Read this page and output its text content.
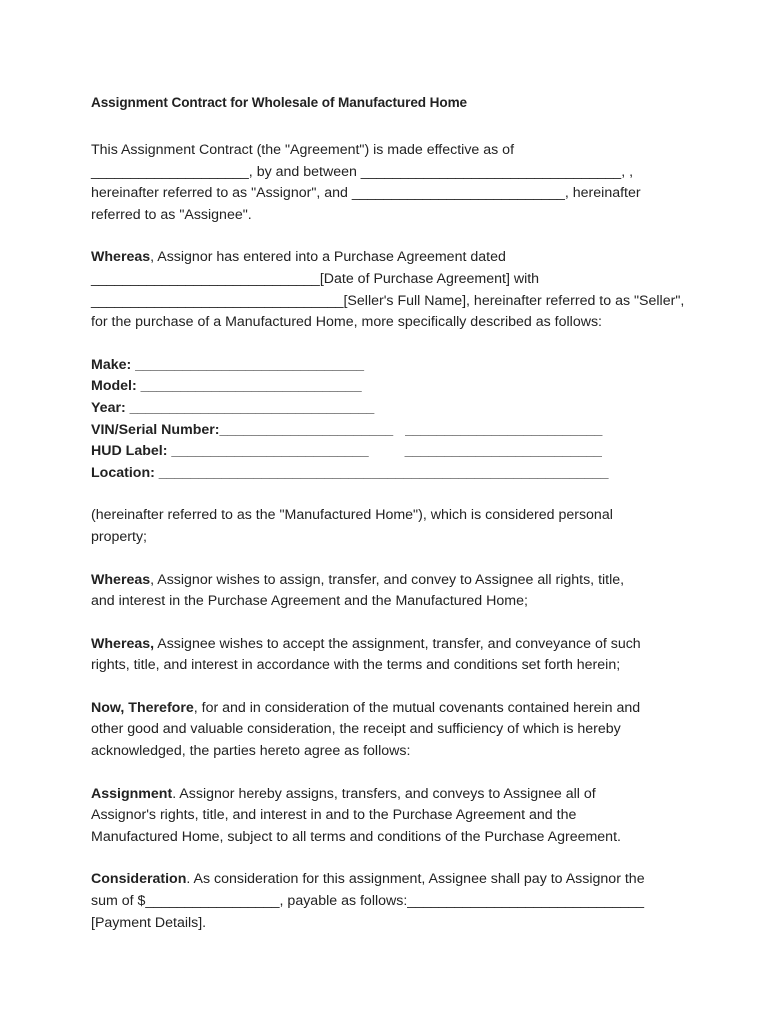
Assignment Contract for Wholesale of Manufactured Home
This Assignment Contract (the "Agreement") is made effective as of
____________________, by and between _________________________________, ,
hereinafter referred to as "Assignor", and ___________________________, hereinafter
referred to as "Assignee".
Whereas, Assignor has entered into a Purchase Agreement dated
_____________________________[Date of Purchase Agreement] with
________________________________[Seller's Full Name], hereinafter referred to as "Seller",
for the purchase of a Manufactured Home, more specifically described as follows:
Make: _____________________________
Model: ____________________________
Year: _______________________________
VIN/Serial Number:______________________ _________________________
HUD Label: _________________________	_________________________
Location: _________________________________________________________
(hereinafter referred to as the "Manufactured Home"), which is considered personal
property;
Whereas, Assignor wishes to assign, transfer, and convey to Assignee all rights, title,
and interest in the Purchase Agreement and the Manufactured Home;
Whereas, Assignee wishes to accept the assignment, transfer, and conveyance of such
rights, title, and interest in accordance with the terms and conditions set forth herein;
Now, Therefore, for and in consideration of the mutual covenants contained herein and
other good and valuable consideration, the receipt and sufficiency of which is hereby
acknowledged, the parties hereto agree as follows:
Assignment. Assignor hereby assigns, transfers, and conveys to Assignee all of
Assignor's rights, title, and interest in and to the Purchase Agreement and the
Manufactured Home, subject to all terms and conditions of the Purchase Agreement.
Consideration. As consideration for this assignment, Assignee shall pay to Assignor the
sum of $_________________, payable as follows:______________________________
[Payment Details].
